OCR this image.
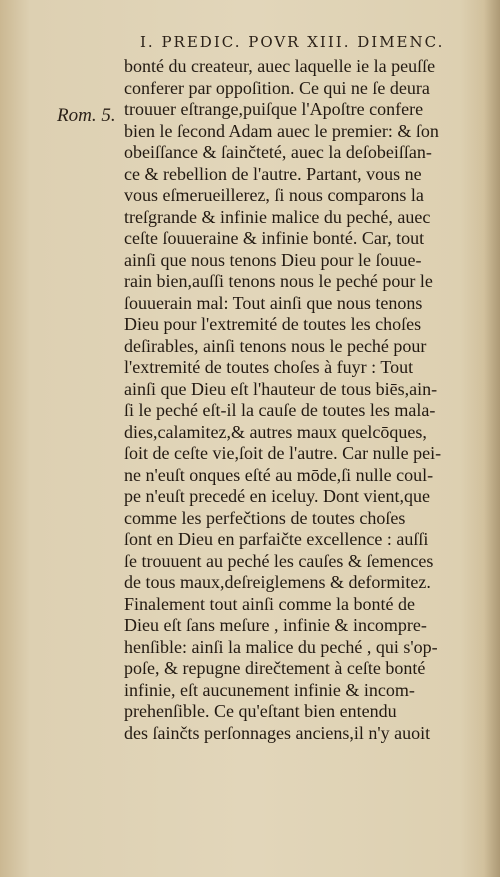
I. PREDIC. POVR XIII. DIMENC.
Rom. 5.
bonté du createur, auec laquelle ie la peuſſe
conferer par oppoſition. Ce qui ne ſe deura
trouuer eſtrange,puiſque l'Apoſtre confere
bien le ſecond Adam auec le premier: & ſon
obeiſſance & ſainčteté, auec la deſobeiſſan-
ce & rebellion de l'autre. Partant, vous ne
vous eſmerueillerez, ſi nous comparons la
treſgrande & infinie malice du peché, auec
ceſte ſouueraine & infinie bonté. Car, tout
ainſi que nous tenons Dieu pour le ſouue-
rain bien,auſſi tenons nous le peché pour le
ſouuerain mal: Tout ainſi que nous tenons
Dieu pour l'extremité de toutes les choſes
deſirables, ainſi tenons nous le peché pour
l'extremité de toutes choſes à fuyr : Tout
ainſi que Dieu eſt l'hauteur de tous biēs,ain-
ſi le peché eſt-il la cauſe de toutes les mala-
dies,calamitez,& autres maux quelcōques,
ſoit de ceſte vie,ſoit de l'autre. Car nulle pei-
ne n'euſt onques eſté au mōde,ſi nulle coul-
pe n'euſt precedé en iceluy. Dont vient,que
comme les perfečtions de toutes choſes
ſont en Dieu en parfaičte excellence : auſſi
ſe trouuent au peché les cauſes & ſemences
de tous maux,deſreiglemens & deformitez.
Finalement tout ainſi comme la bonté de
Dieu eſt ſans meſure , infinie & incompre-
henſible: ainſi la malice du peché , qui s'op-
poſe, & repugne direčtement à ceſte bonté
infinie, eſt aucunement infinie & incom-
prehenſible. Ce qu'eſtant bien entendu
des ſainčts perſonnages anciens,il n'y auoit
